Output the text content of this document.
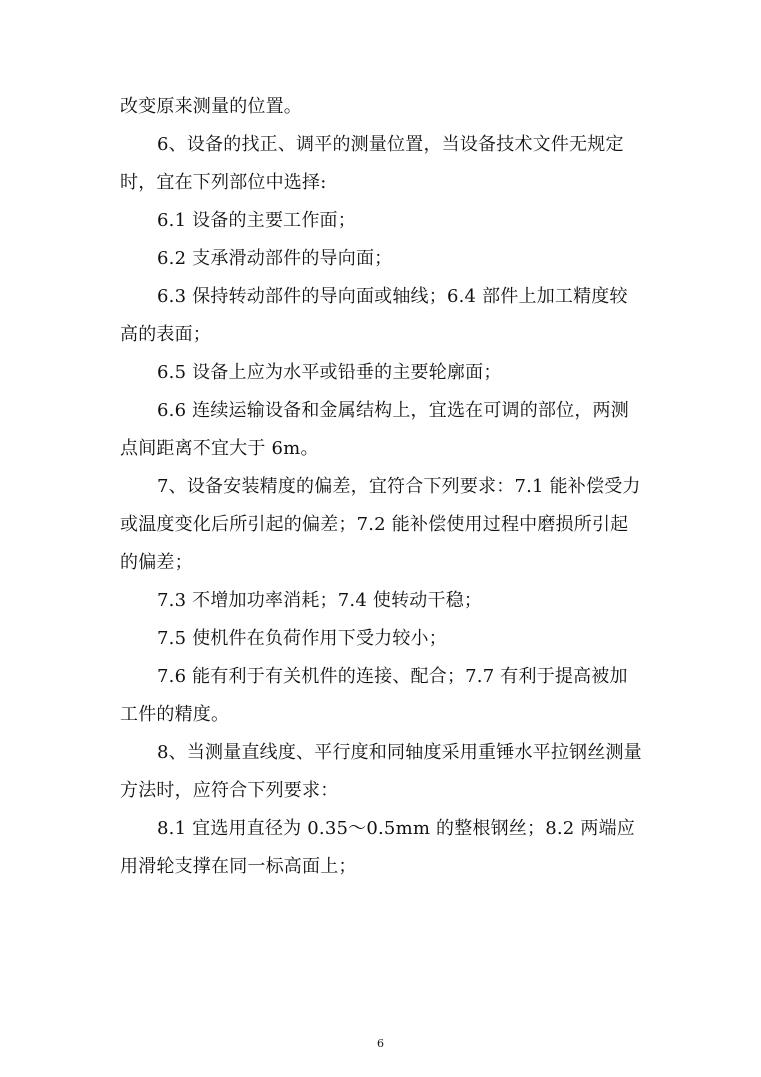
改变原来测量的位置。

6、设备的找正、调平的测量位置，当设备技术文件无规定时，宜在下列部位中选择:

6.1 设备的主要工作面；

6.2 支承滑动部件的导向面；

6.3 保持转动部件的导向面或轴线；6.4 部件上加工精度较高的表面；

6.5 设备上应为水平或铅垂的主要轮廓面；

6.6 连续运输设备和金属结构上，宜选在可调的部位，两测点间距离不宜大于 6m。

7、设备安装精度的偏差，宜符合下列要求：7.1 能补偿受力或温度变化后所引起的偏差；7.2 能补偿使用过程中磨损所引起的偏差；

7.3 不增加功率消耗；7.4 使转动干稳；

7.5 使机件在负荷作用下受力较小；

7.6 能有利于有关机件的连接、配合；7.7 有利于提高被加工件的精度。

8、当测量直线度、平行度和同轴度采用重锤水平拉钢丝测量方法时，应符合下列要求：

8.1 宜选用直径为 0.35～0.5mm 的整根钢丝；8.2 两端应用滑轮支撑在同一标高面上；

6
